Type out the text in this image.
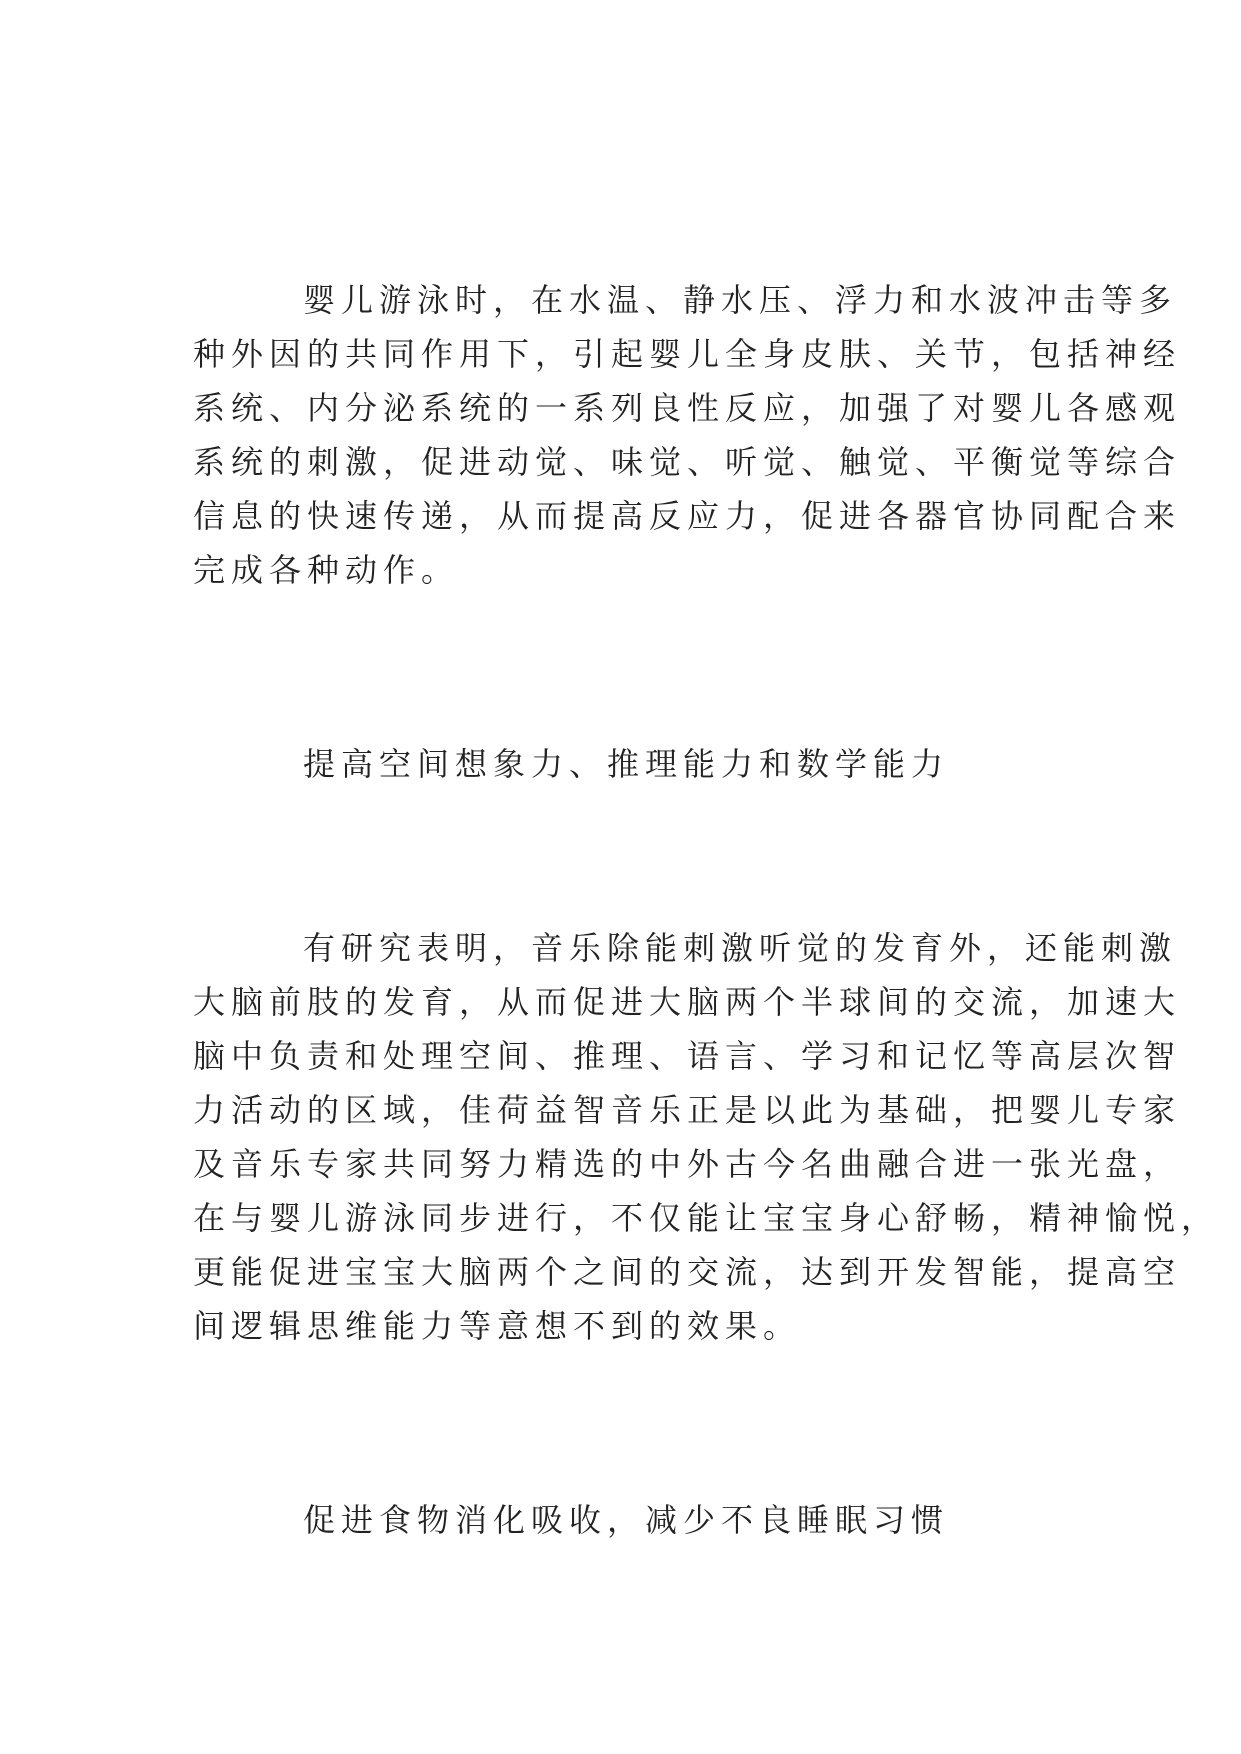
婴儿游泳时，在水温、静水压、浮力和水波冲击等多
种外因的共同作用下，引起婴儿全身皮肤、关节，包括神经
系统、内分泌系统的一系列良性反应，加强了对婴儿各感观
系统的刺激，促进动觉、味觉、听觉、触觉、平衡觉等综合
信息的快速传递，从而提高反应力，促进各器官协同配合来
完成各种动作。
提高空间想象力、推理能力和数学能力
有研究表明，音乐除能刺激听觉的发育外，还能刺激
大脑前肢的发育，从而促进大脑两个半球间的交流，加速大
脑中负责和处理空间、推理、语言、学习和记忆等高层次智
力活动的区域，佳荷益智音乐正是以此为基础，把婴儿专家
及音乐专家共同努力精选的中外古今名曲融合进一张光盘，
在与婴儿游泳同步进行，不仅能让宝宝身心舒畅，精神愉悦，
更能促进宝宝大脑两个之间的交流，达到开发智能，提高空
间逻辑思维能力等意想不到的效果。
促进食物消化吸收，减少不良睡眠习惯
